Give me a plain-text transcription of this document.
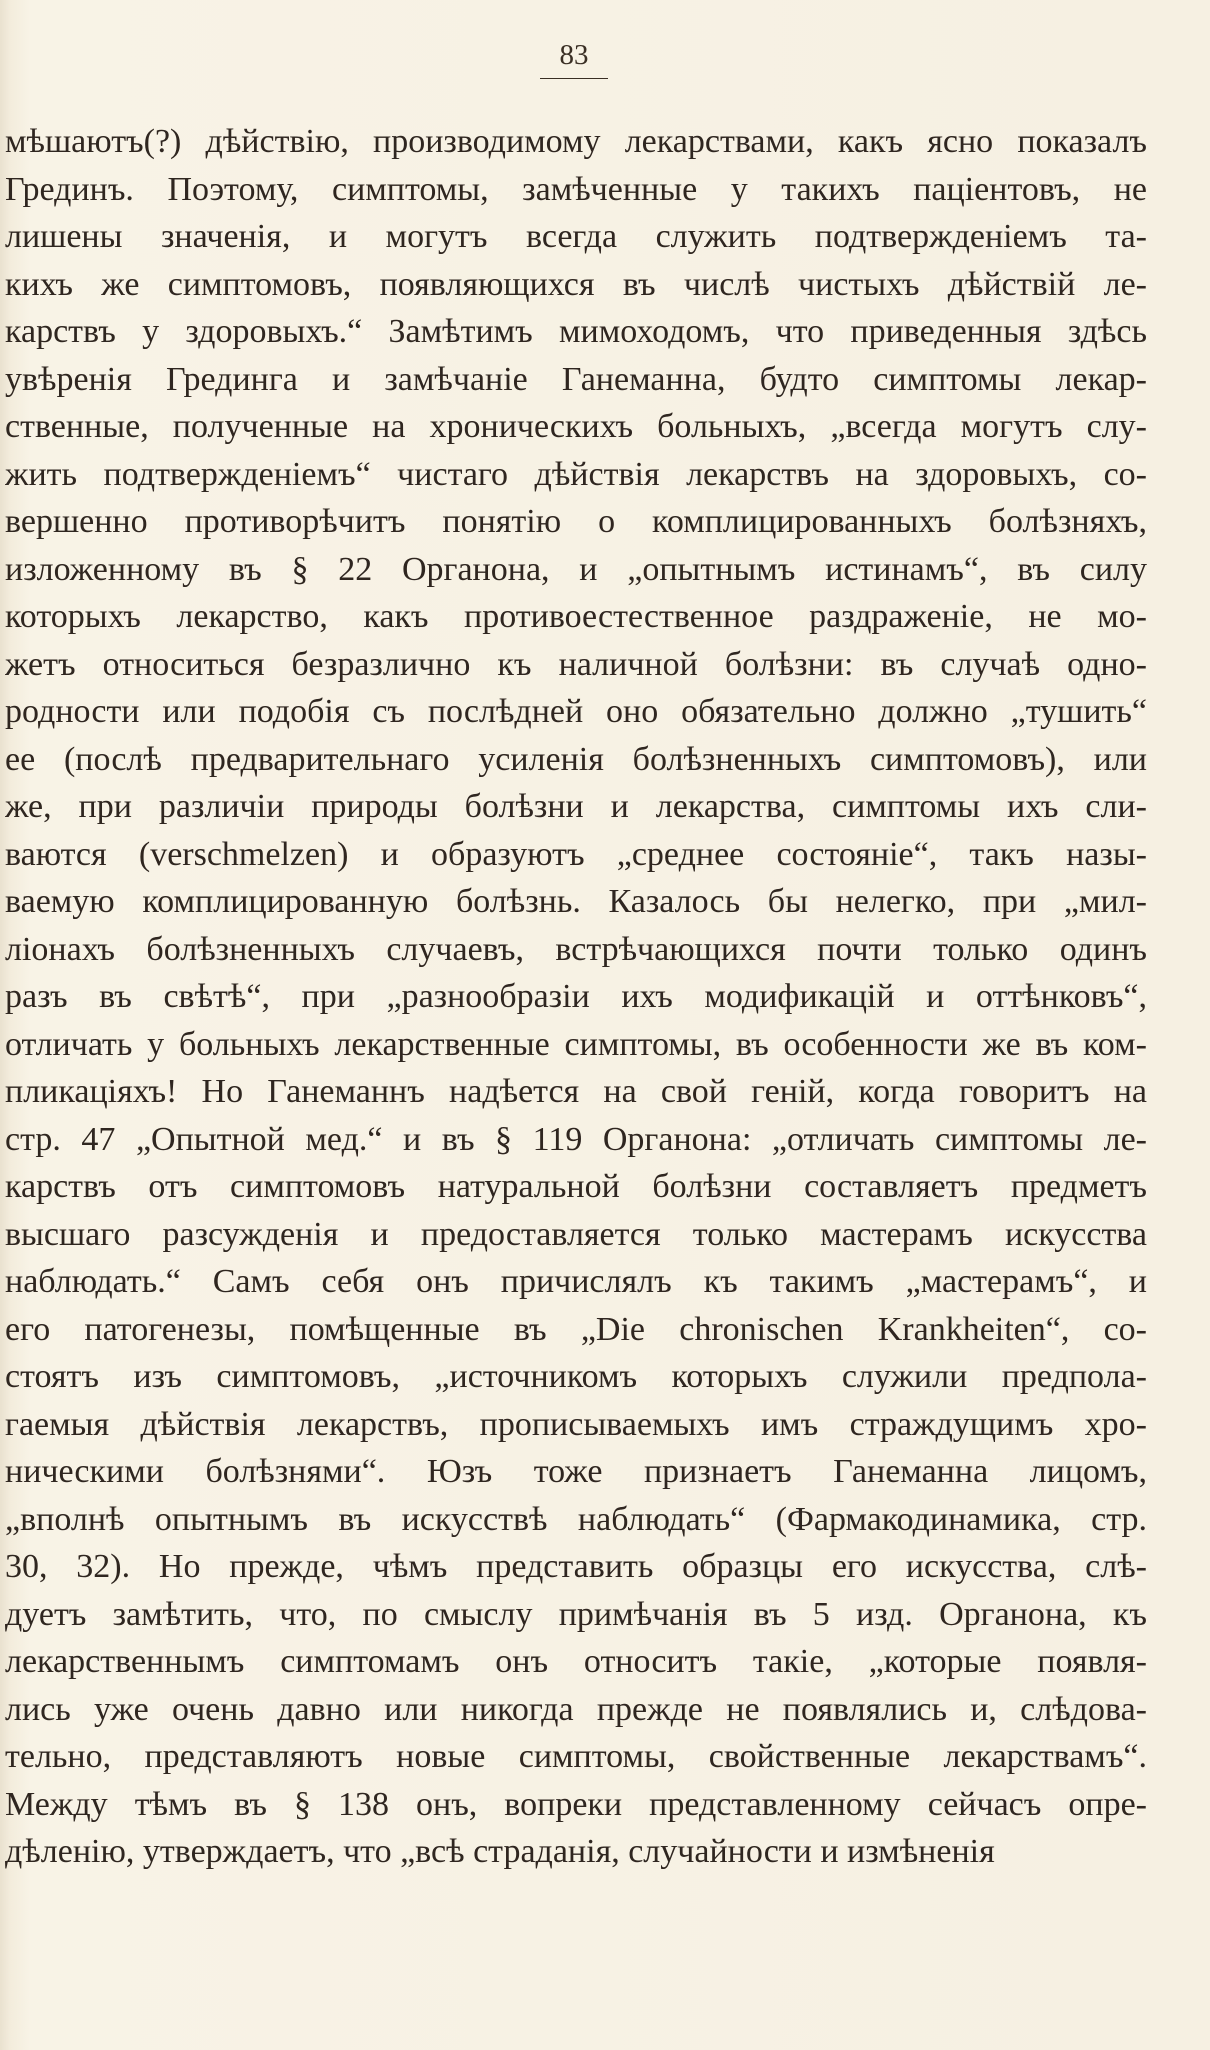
83
мѣшаютъ(?) дѣйствію, производимому лекарствами, какъ ясно показалъ
Грединъ. Поэтому, симптомы, замѣченные у такихъ паціентовъ, не
лишены значенія, и могутъ всегда служить подтвержденіемъ та-
кихъ же симптомовъ, появляющихся въ числѣ чистыхъ дѣйствій ле-
карствъ у здоровыхъ.“ Замѣтимъ мимоходомъ, что приведенныя здѣсь
увѣренія Грединга и замѣчаніе Ганеманна, будто симптомы лекар-
ственные, полученные на хроническихъ больныхъ, „всегда могутъ слу-
жить подтвержденіемъ“ чистаго дѣйствія лекарствъ на здоровыхъ, со-
вершенно противорѣчитъ понятію о комплицированныхъ болѣзняхъ,
изложенному въ § 22 Органона, и „опытнымъ истинамъ“, въ силу
которыхъ лекарство, какъ противоестественное раздраженіе, не мо-
жетъ относиться безразлично къ наличной болѣзни: въ случаѣ одно-
родности или подобія съ послѣдней оно обязательно должно „тушить“
ее (послѣ предварительнаго усиленія болѣзненныхъ симптомовъ), или
же, при различіи природы болѣзни и лекарства, симптомы ихъ сли-
ваются (verschmelzen) и образуютъ „среднее состояніе“, такъ назы-
ваемую комплицированную болѣзнь. Казалось бы нелегко, при „мил-
ліонахъ болѣзненныхъ случаевъ, встрѣчающихся почти только одинъ
разъ въ свѣтѣ“, при „разнообразіи ихъ модификацій и оттѣнковъ“,
отличать у больныхъ лекарственные симптомы, въ особенности же въ ком-
пликаціяхъ! Но Ганеманнъ надѣется на свой геній, когда говоритъ на
стр. 47 „Опытной мед.“ и въ § 119 Органона: „отличать симптомы ле-
карствъ отъ симптомовъ натуральной болѣзни составляетъ предметъ
высшаго разсужденія и предоставляется только мастерамъ искусства
наблюдать.“ Самъ себя онъ причислялъ къ такимъ „мастерамъ“, и
его патогенезы, помѣщенные въ „Die chronischen Krankheiten“, со-
стоятъ изъ симптомовъ, „источникомъ которыхъ служили предпола-
гаемыя дѣйствія лекарствъ, прописываемыхъ имъ страждущимъ хро-
ническими болѣзнями“. Юзъ тоже признаетъ Ганеманна лицомъ,
„вполнѣ опытнымъ въ искусствѣ наблюдать“ (Фармакодинамика, стр.
30, 32). Но прежде, чѣмъ представить образцы его искусства, слѣ-
дуетъ замѣтить, что, по смыслу примѣчанія въ 5 изд. Органона, къ
лекарственнымъ симптомамъ онъ относитъ такіе, „которые появля-
лись уже очень давно или никогда прежде не появлялись и, слѣдова-
тельно, представляютъ новые симптомы, свойственные лекарствамъ“.
Между тѣмъ въ § 138 онъ, вопреки представленному сейчасъ опре-
дѣленію, утверждаетъ, что „всѣ страданія, случайности и измѣненія
